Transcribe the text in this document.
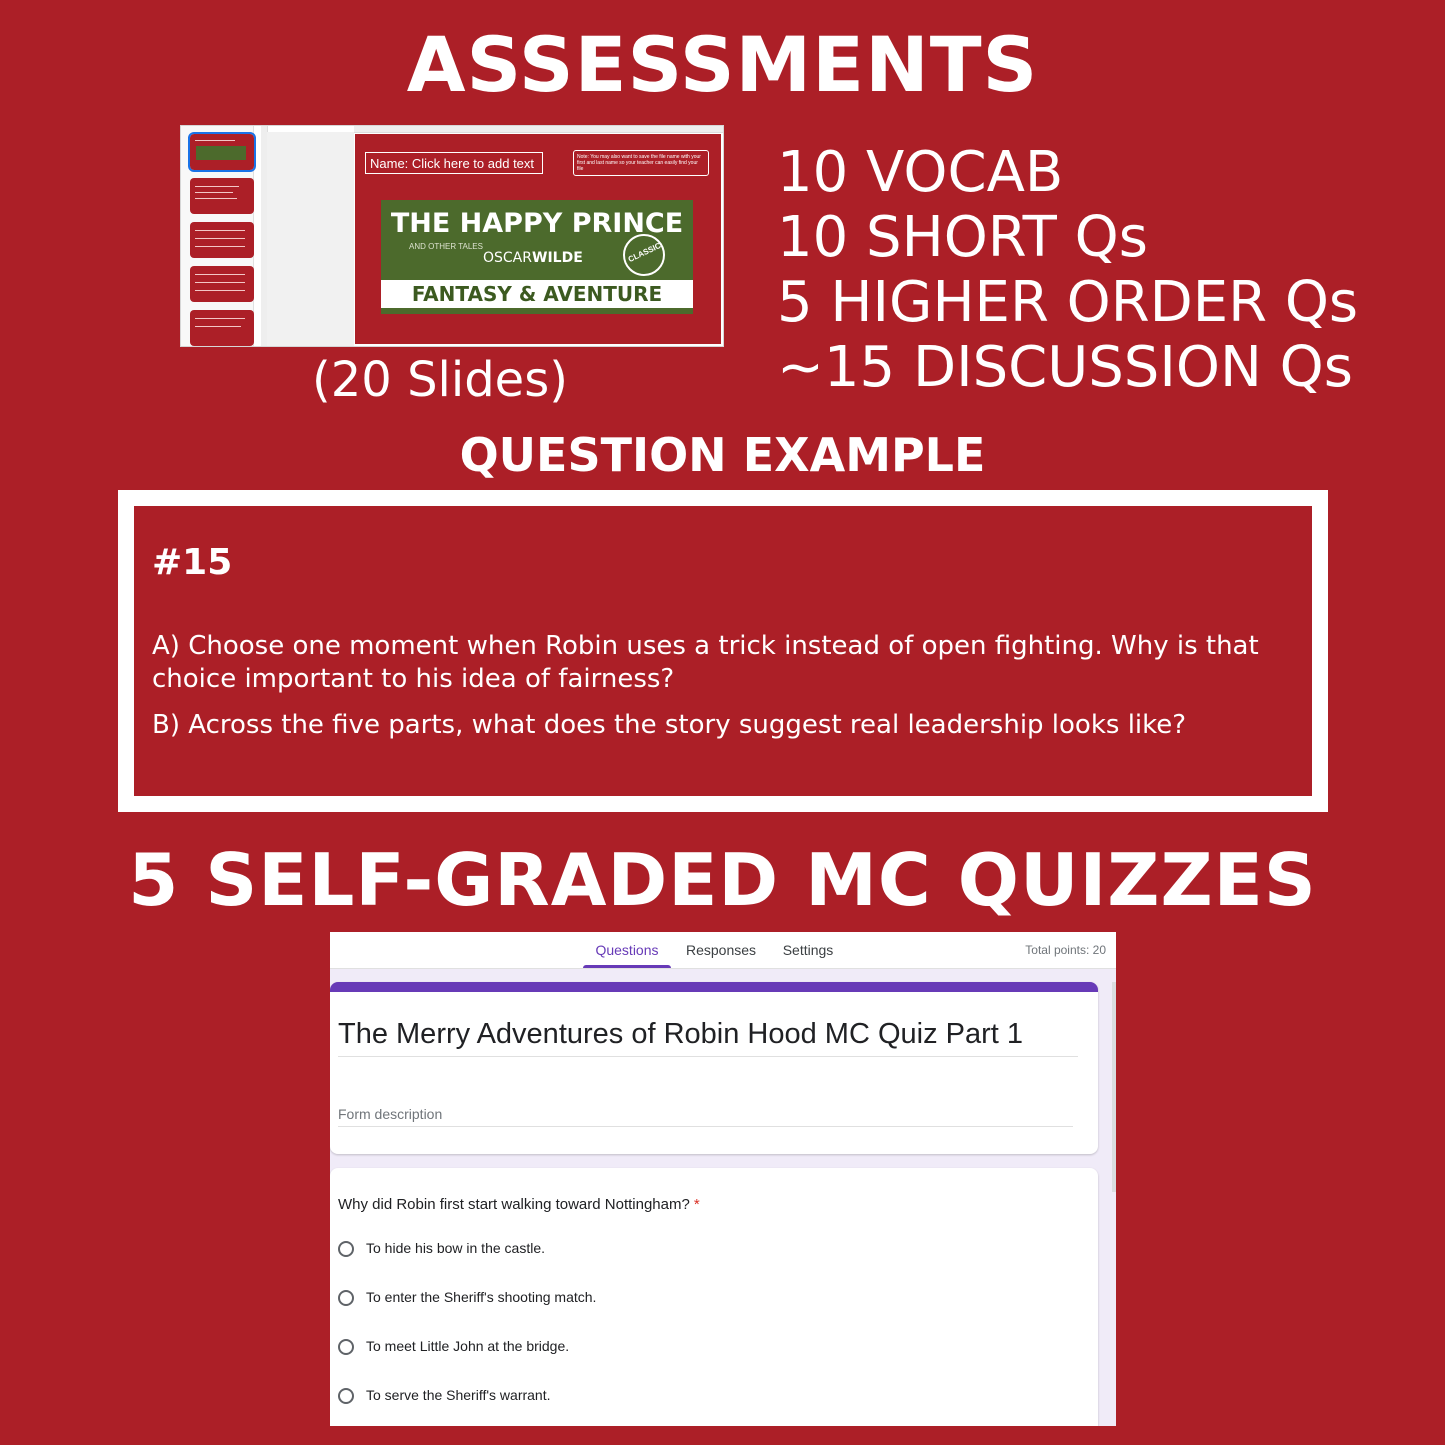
ASSESSMENTS
Name: Click here to add text	Note: You may also want to save the file name with your first and last name so your teacher can easily find your file
THE HAPPY PRINCE
AND OTHER TALES
OSCARWILDE	CLASSIC
FANTASY & AVENTURE
(20 Slides)
10 VOCAB
10 SHORT Qs
5 HIGHER ORDER Qs
~15 DISCUSSION Qs
QUESTION EXAMPLE
#15
A) Choose one moment when Robin uses a trick instead of open fighting. Why is that choice important to his idea of fairness?
B) Across the five parts, what does the story suggest real leadership looks like?
5 SELF-GRADED MC QUIZZES
Questions	Responses	Settings	Total points: 20
The Merry Adventures of Robin Hood MC Quiz Part 1
Form description
Why did Robin first start walking toward Nottingham? *
To hide his bow in the castle.
To enter the Sheriff's shooting match.
To meet Little John at the bridge.
To serve the Sheriff's warrant.
